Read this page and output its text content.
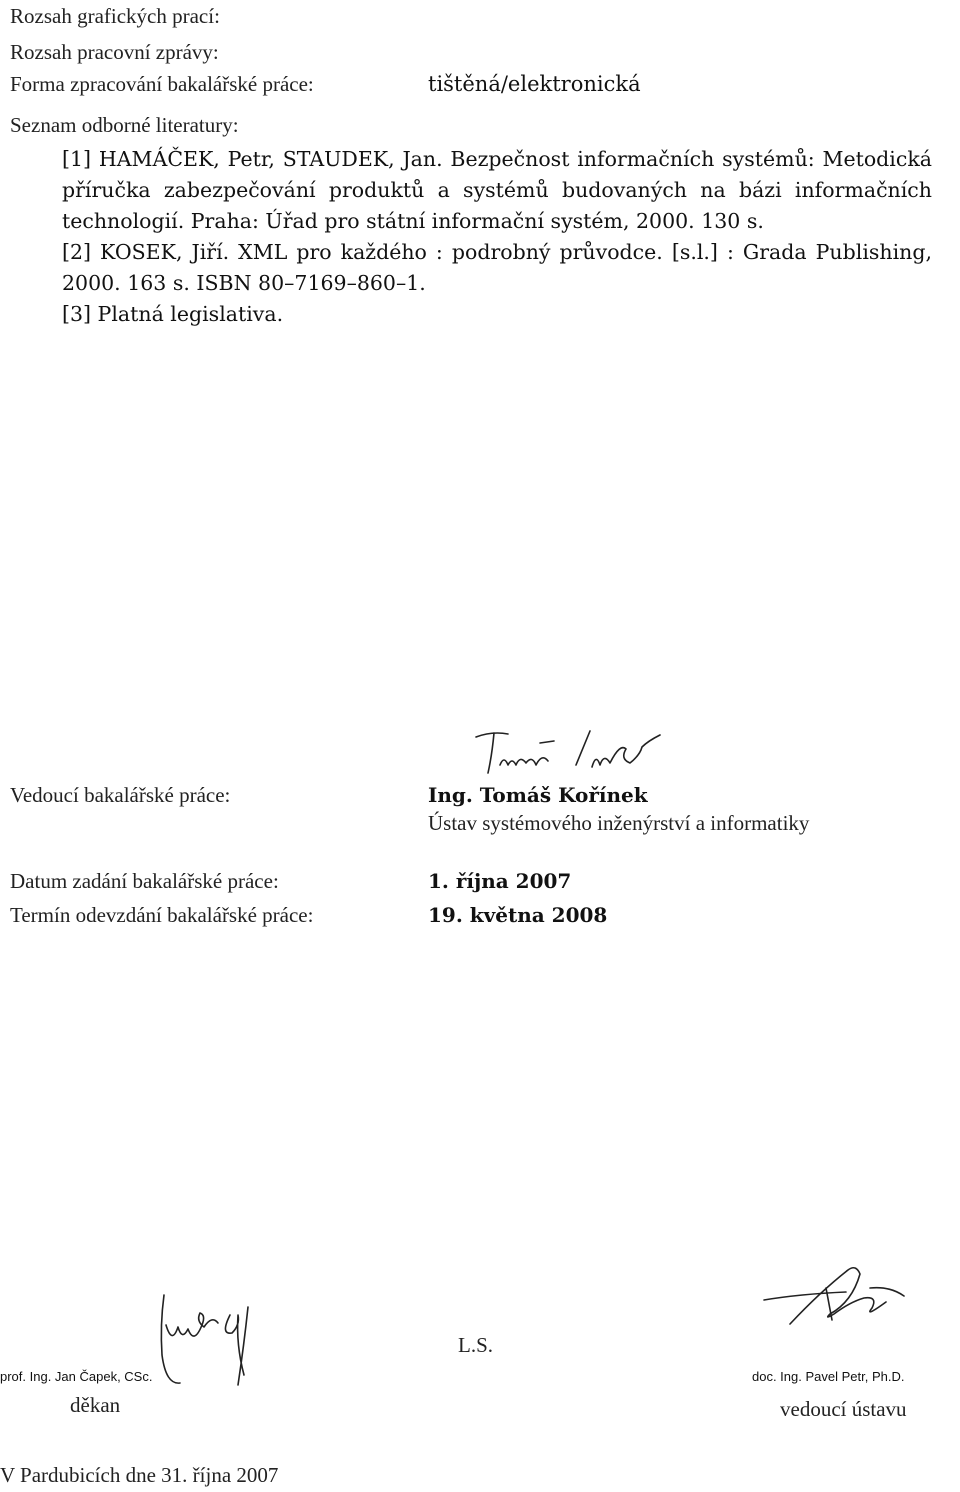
Rozsah grafických prací:
Rozsah pracovní zprávy:
Forma zpracování bakalářské práce:	tištěná/elektronická
Seznam odborné literatury:

[1] HAMÁČEK, Petr, STAUDEK, Jan. Bezpečnost informačních systémů: Metodická příručka zabezpečování produktů a systémů budovaných na bázi informačních technologií. Praha: Úřad pro státní informační systém, 2000. 130 s.

[2] KOSEK, Jiří. XML pro každého : podrobný průvodce. [s.l.] : Grada Publishing, 2000. 163 s. ISBN 80–7169–860–1.

[3] Platná legislativa.

Vedoucí bakalářské práce:	Ing. Tomáš Kořínek
Ústav systémového inženýrství a informatiky
Datum zadání bakalářské práce:	1. října 2007
Termín odevzdání bakalářské práce:	19. května 2008
L.S.
prof. Ing. Jan Čapek, CSc.
děkan
doc. Ing. Pavel Petr, Ph.D.
vedoucí ústavu
V Pardubicích dne 31. října 2007
